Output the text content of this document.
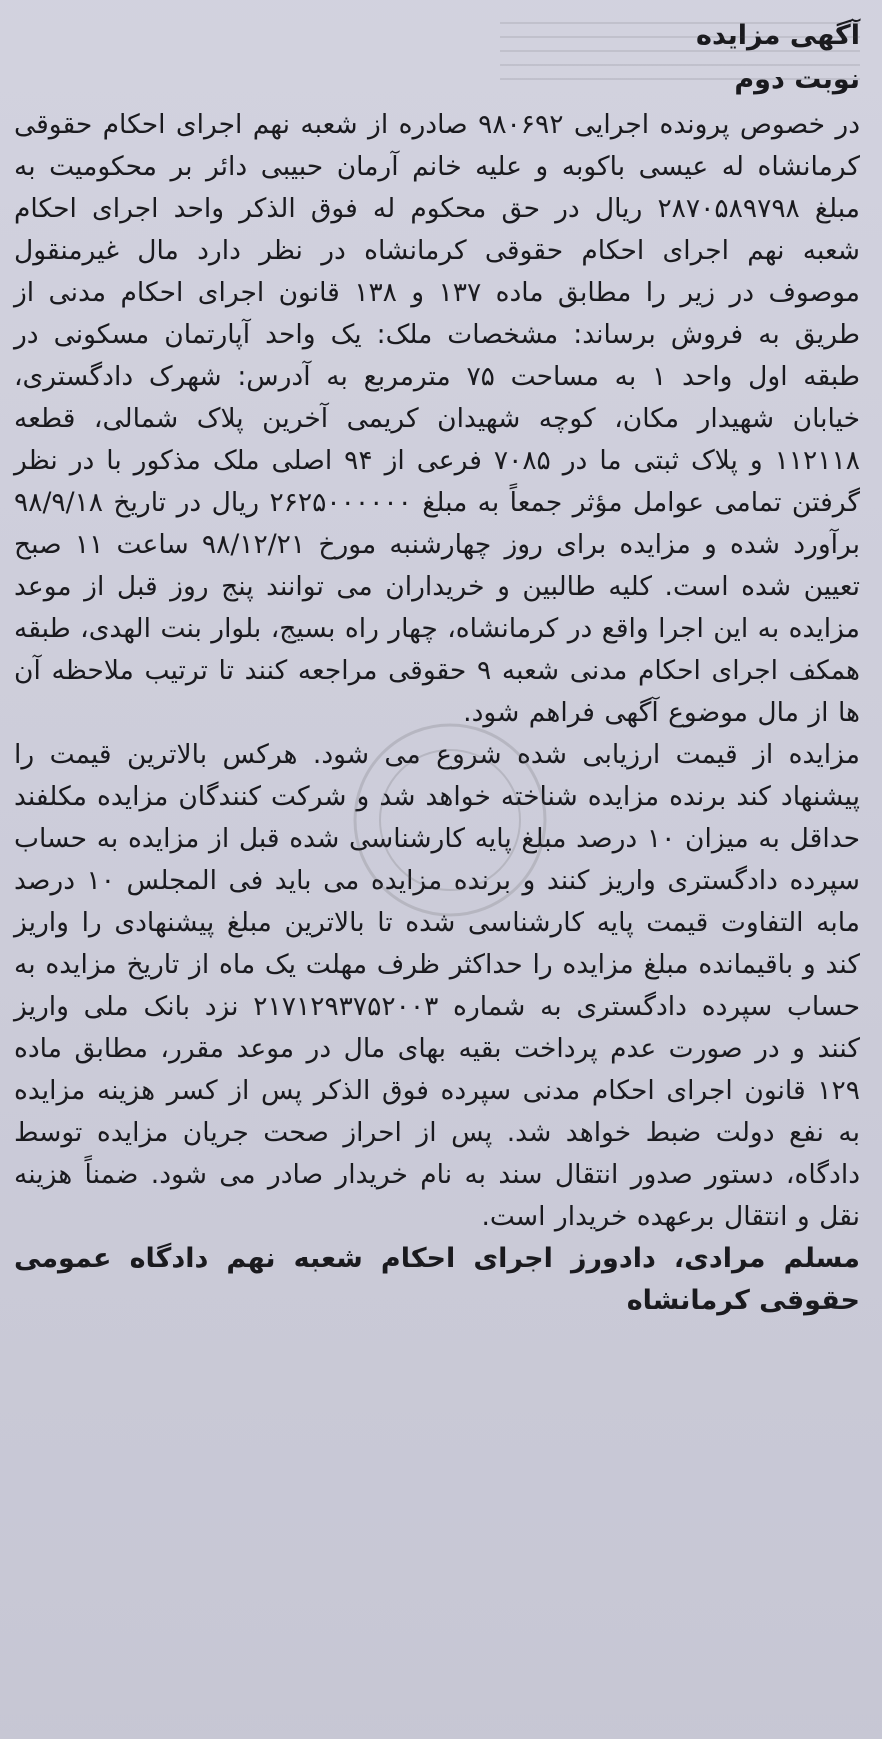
آگهی مزایده
نوبت دوم

در خصوص پرونده اجرایی ۹۸۰۶۹۲ صادره از شعبه نهم اجرای احکام حقوقی کرمانشاه له عیسی باکوبه و علیه خانم آرمان حبیبی دائر بر محکومیت به مبلغ ۲۸۷۰۵۸۹۷۹۸ ریال در حق محکوم له فوق الذکر واحد اجرای احکام شعبه نهم اجرای احکام حقوقی کرمانشاه در نظر دارد مال غیرمنقول موصوف در زیر را مطابق ماده ۱۳۷ و ۱۳۸ قانون اجرای احکام مدنی از طریق به فروش برساند: مشخصات ملک: یک واحد آپارتمان مسکونی در طبقه اول واحد ۱ به مساحت ۷۵ مترمربع به آدرس: شهرک دادگستری، خیابان شهیدار مکان، کوچه شهیدان کریمی آخرین پلاک شمالی، قطعه ۱۱۲۱۱۸ و پلاک ثبتی ما در ۷۰۸۵ فرعی از ۹۴ اصلی ملک مذکور با در نظر گرفتن تمامی عوامل مؤثر جمعاً به مبلغ ۲۶۲۵۰۰۰۰۰۰ ریال در تاریخ ۹۸/۹/۱۸ برآورد شده و مزایده برای روز چهارشنبه مورخ ۹۸/۱۲/۲۱ ساعت ۱۱ صبح تعیین شده است. کلیه طالبین و خریداران می توانند پنج روز قبل از موعد مزایده به این اجرا واقع در کرمانشاه، چهار راه بسیج، بلوار بنت الهدی، طبقه همکف اجرای احکام مدنی شعبه ۹ حقوقی مراجعه کنند تا ترتیب ملاحظه آن ها از مال موضوع آگهی فراهم شود.

مزایده از قیمت ارزیابی شده شروع می شود. هرکس بالاترین قیمت را پیشنهاد کند برنده مزایده شناخته خواهد شد و شرکت کنندگان مزایده مکلفند حداقل به میزان ۱۰ درصد مبلغ پایه کارشناسی شده قبل از مزایده به حساب سپرده دادگستری واریز کنند و برنده مزایده می باید فی المجلس ۱۰ درصد مابه التفاوت قیمت پایه کارشناسی شده تا بالاترین مبلغ پیشنهادی را واریز کند و باقیمانده مبلغ مزایده را حداکثر ظرف مهلت یک ماه از تاریخ مزایده به حساب سپرده دادگستری به شماره ۲۱۷۱۲۹۳۷۵۲۰۰۳ نزد بانک ملی واریز کنند و در صورت عدم پرداخت بقیه بهای مال در موعد مقرر، مطابق ماده ۱۲۹ قانون اجرای احکام مدنی سپرده فوق الذکر پس از کسر هزینه مزایده به نفع دولت ضبط خواهد شد. پس از احراز صحت جریان مزایده توسط دادگاه، دستور صدور انتقال سند به نام خریدار صادر می شود. ضمناً هزینه نقل و انتقال برعهده خریدار است.

مسلم مرادی، دادورز اجرای احکام شعبه نهم دادگاه عمومی حقوقی کرمانشاه
